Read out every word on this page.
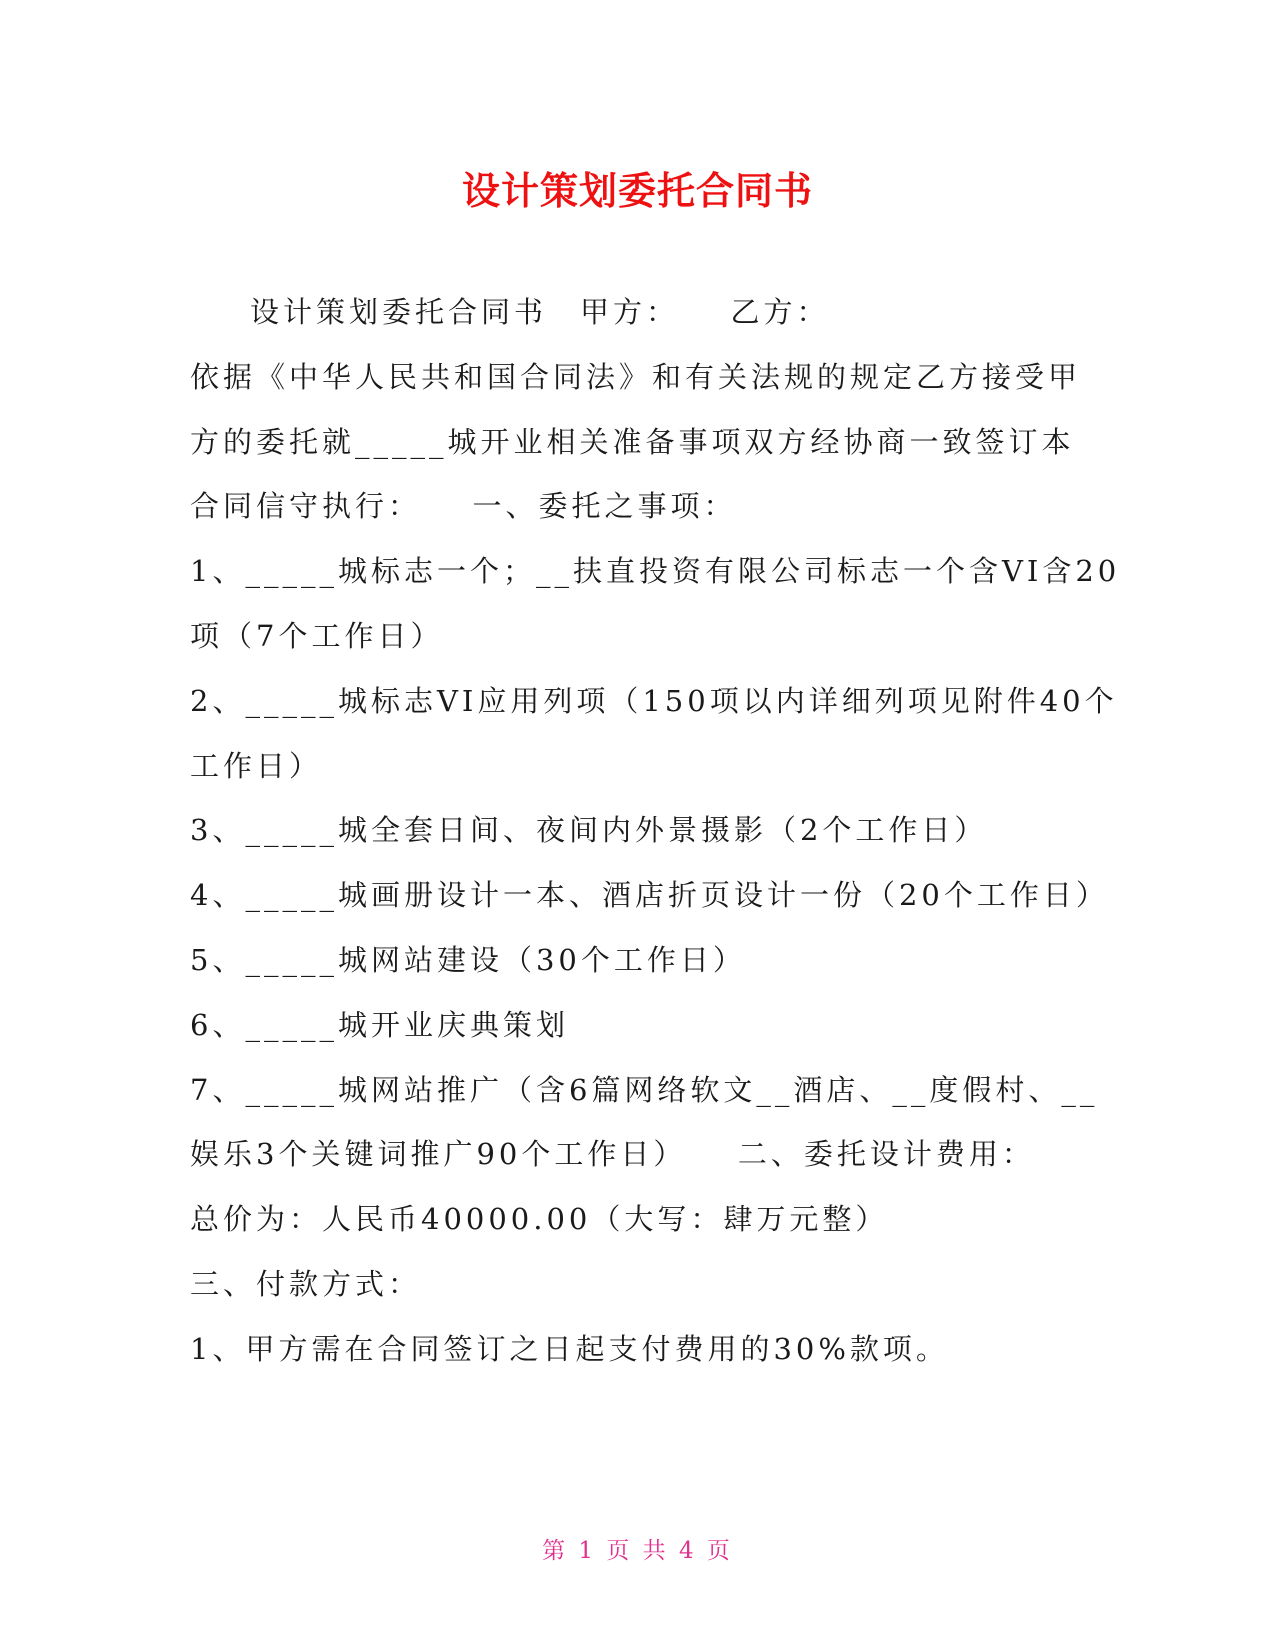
设计策划委托合同书
设计策划委托合同书　甲方：　　乙方：
依据《中华人民共和国合同法》和有关法规的规定乙方接受甲
方的委托就_____城开业相关准备事项双方经协商一致签订本
合同信守执行：　　一、委托之事项：
1、_____城标志一个；__扶直投资有限公司标志一个含VI含20
项（7个工作日）
2、_____城标志VI应用列项（150项以内详细列项见附件40个
工作日）
3、_____城全套日间、夜间内外景摄影（2个工作日）
4、_____城画册设计一本、酒店折页设计一份（20个工作日）
5、_____城网站建设（30个工作日）
6、_____城开业庆典策划
7、_____城网站推广（含6篇网络软文__酒店、__度假村、__
娱乐3个关键词推广90个工作日）　　二、委托设计费用：
总价为：人民币40000.00（大写：肆万元整）
三、付款方式：
1、甲方需在合同签订之日起支付费用的30%款项。
第 1 页 共 4 页
